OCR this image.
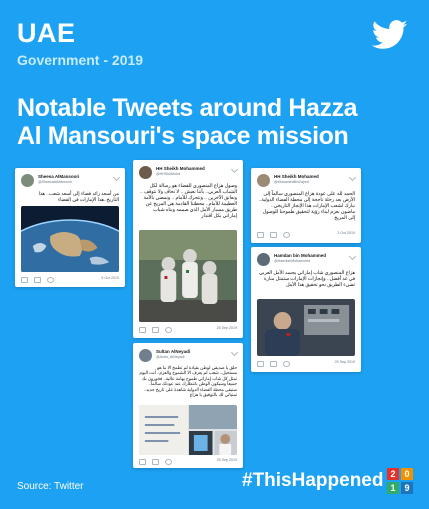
UAE
Government - 2019
Notable Tweets around Hazza
Al Mansouri's space mission
Sheesa AlMansoori
@SheesaAlMansoori
من أسعد زائد فضاء إلى أسعد شعب.. هذا التاريخ..هذا الإمارات في الفضاء
5 Oct 2019
HH Sheikh Mohammed
@HHShkMohd
وصول هزاع المنصوري للفضاء هو رسالة لكل الشباب العربي.. بأننا نعيش .. لا نخاف ولا نتوقف .. ونعانق الآخرين .. ونتحرك للأمام .. ونمضي بالأمة العظيمة للأمام.. محطتنا القادمة هي المريخ عن طريق مسبار الأمل الذي صممه وبناه شباب إماراتي بكل اقتدار
25 Sep 2019
HH Sheikh Mohamed
@MohamedBinZayed
الحمد لله على عودة هزاع المنصوري سالماً إلى الأرض بعد رحلة ناجحة إلى محطة الفضاء الدولية.. نبارك لشعب الإمارات هذا الإنجاز التاريخي.. ماضون بعزم لبناء رؤية لتحقيق طموحنا للوصول إلى المريخ
3 Oct 2019
Hamdan bin Mohammed
@HamdanMohammed
هزاع المنصوري شاب إماراتي يجسد الأمل العربي في غد أفضل.. وإنجازات الإمارات ستمثل منارة تضيء الطريق نحو تحقيق هذا الأمل
25 Sep 2019
Sultan AlNeyadi
@Astro_AlNeyadi
حلق يا صديقي لوطن بقيادة لم تطمح الا ما هو مستحيل.. شعب لم يعرف الا الشموخ والعزم.. أنت اليوم تمثل كل شاب إماراتي طموح بهامة عالية.. فخورون بك جميعاً وسيكون الوطن بانتظارك عند عودتك سالماً.. ستبقى محطة الفضاء الدولية شاهدة على تاريخ جديد.. تمنياتي لك بالتوفيق يا هزاع
25 Sep 2019
Source: Twitter	#ThisHappened 2 0
1 9
